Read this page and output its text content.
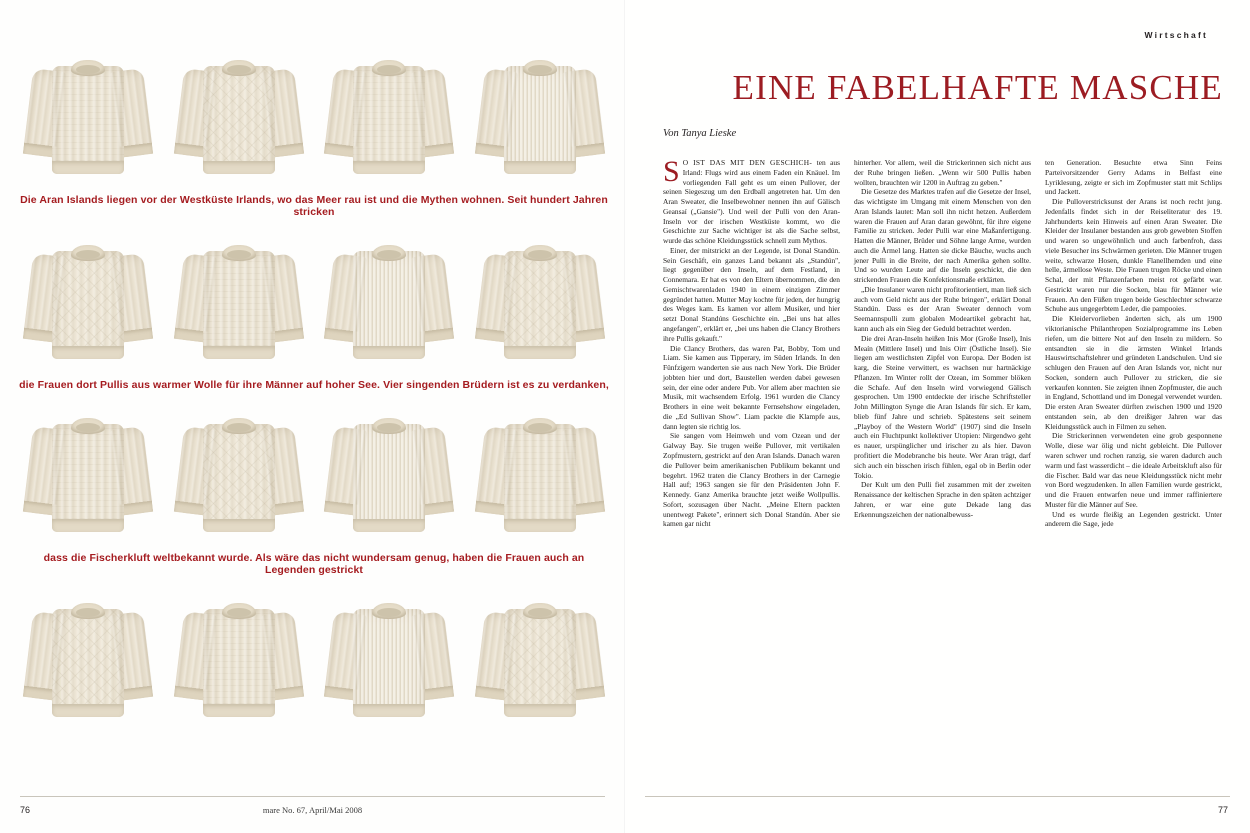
Die Aran Islands liegen vor der Westküste Irlands, wo das Meer rau ist und die Mythen wohnen. Seit hundert Jahren stricken
die Frauen dort Pullis aus warmer Wolle für ihre Männer auf hoher See. Vier singenden Brüdern ist es zu verdanken,
dass die Fischerkluft weltbekannt wurde. Als wäre das nicht wundersam genug, haben die Frauen auch an Legenden gestrickt
76	mare No. 67, April/Mai 2008
Wirtschaft
EINE FABELHAFTE MASCHE
Von Tanya Lieske

S O IST DAS MIT DEN GESCHICH- ten aus Irland: Flugs wird aus einem Faden ein Knäuel. Im vorliegenden Fall geht es um einen Pullover, der seinen Siegeszug um den Erdball angetreten hat. Um den Aran Sweater, die Inselbewohner nennen ihn auf Gälisch Geansaí („Gansie"). Und weil der Pulli von den Aran-Inseln vor der irischen Westküste kommt, wo die Geschichte zur Sache wichtiger ist als die Sache selbst, wurde das schöne Kleidungsstück schnell zum Mythos.

Einer, der mitstrickt an der Legende, ist Donal Standún. Sein Geschäft, ein ganzes Land bekannt als „Standún", liegt gegenüber den Inseln, auf dem Festland, in Connemara. Er hat es von den Eltern übernommen, die den Gemischtwarenladen 1940 in einem einzigen Zimmer gegründet hatten. Mutter May kochte für jeden, der hungrig des Weges kam. Es kamen vor allem Musiker, und hier setzt Donal Standúns Geschichte ein. „Bei uns hat alles angefangen", erklärt er, „bei uns haben die Clancy Brothers ihre Pullis gekauft."

Die Clancy Brothers, das waren Pat, Bobby, Tom und Liam. Sie kamen aus Tipperary, im Süden Irlands. In den Fünfzigern wanderten sie aus nach New York. Die Brüder jobbten hier und dort, Baustellen werden dabei gewesen sein, der eine oder andere Pub. Vor allem aber machten sie Musik, mit wachsendem Erfolg. 1961 wurden die Clancy Brothers in eine weit bekannte Fernsehshow eingeladen, die „Ed Sullivan Show". Liam packte die Klampfe aus, dann legten sie richtig los.

Sie sangen vom Heimweh und vom Ozean und der Galway Bay. Sie trugen weiße Pullover, mit vertikalen Zopfmustern, gestrickt auf den Aran Islands. Danach waren die Pullover beim amerikanischen Publikum bekannt und begehrt. 1962 traten die Clancy Brothers in der Carnegie Hall auf; 1963 sangen sie für den Präsidenten John F. Kennedy. Ganz Amerika brauchte jetzt weiße Wollpullis. Sofort, sozusagen über Nacht. „Meine Eltern packten unentwegt Pakete", erinnert sich Donal Standún. Aber sie kamen gar nicht

hinterher. Vor allem, weil die Strickerinnen sich nicht aus der Ruhe bringen ließen. „Wenn wir 500 Pullis haben wollten, brauchten wir 1200 in Auftrag zu geben."

Die Gesetze des Marktes trafen auf die Gesetze der Insel, das wichtigste im Umgang mit einem Menschen von den Aran Islands lautet: Man soll ihn nicht hetzen. Außerdem waren die Frauen auf Aran daran gewöhnt, für ihre eigene Familie zu stricken. Jeder Pulli war eine Maßanfertigung. Hatten die Männer, Brüder und Söhne lange Arme, wurden auch die Ärmel lang. Hatten sie dicke Bäuche, wuchs auch jener Pulli in die Breite, der nach Amerika gehen sollte. Und so wurden Leute auf die Inseln geschickt, die den strickenden Frauen die Konfektionsmaße erklärten.

„Die Insulaner waren nicht profitorientiert, man ließ sich auch vom Geld nicht aus der Ruhe bringen", erklärt Donal Standún. Dass es der Aran Sweater dennoch vom Seemannspulli zum globalen Modeartikel gebracht hat, kann auch als ein Sieg der Geduld betrachtet werden.

Die drei Aran-Inseln heißen Inis Mor (Große Insel), Inis Meaín (Mittlere Insel) und Inis Oirr (Östliche Insel). Sie liegen am westlichsten Zipfel von Europa. Der Boden ist karg, die Steine verwittert, es wachsen nur hartnäckige Pflanzen. Im Winter rollt der Ozean, im Sommer blöken die Schafe. Auf den Inseln wird vorwiegend Gälisch gesprochen. Um 1900 entdeckte der irische Schriftsteller John Millington Synge die Aran Islands für sich. Er kam, blieb fünf Jahre und schrieb. Spätestens seit seinem „Playboy of the Western World" (1907) sind die Inseln auch ein Fluchtpunkt kollektiver Utopien: Nirgendwo geht es nauer, urspünglicher und irischer zu als hier. Davon profitiert die Modebranche bis heute. Wer Aran trägt, darf sich auch ein bisschen irisch fühlen, egal ob in Berlin oder Tokio.

Der Kult um den Pulli fiel zusammen mit der zweiten Renaissance der keltischen Sprache in den späten achtziger Jahren, er war eine gute Dekade lang das Erkennungszeichen der nationalbewuss-

ten Generation. Besuchte etwa Sinn Feins Parteivorsitzender Gerry Adams in Belfast eine Lyriklesung, zeigte er sich im Zopfmuster statt mit Schlips und Jackett.

Die Pulloverstricksunst der Arans ist noch recht jung. Jedenfalls findet sich in der Reiseliteratur des 19. Jahrhunderts kein Hinweis auf einen Aran Sweater. Die Kleider der Insulaner bestanden aus grob gewebten Stoffen und waren so ungewöhnlich und auch farbenfroh, dass viele Besucher ins Schwärmen gerieten. Die Männer trugen weite, schwarze Hosen, dunkle Flanellhemden und eine helle, ärmellose Weste. Die Frauen trugen Röcke und einen Schal, der mit Pflanzenfarben meist rot gefärbt war. Gestrickt waren nur die Socken, blau für Männer wie Frauen. An den Füßen trugen beide Geschlechter schwarze Schuhe aus ungegerbtem Leder, die pampooies.

Die Kleidervorlieben änderten sich, als um 1900 viktorianische Philanthropen Sozialprogramme ins Leben riefen, um die bittere Not auf den Inseln zu mildern. So entsandten sie in die ärmsten Winkel Irlands Hauswirtschaftslehrer und gründeten Landschulen. Und sie schlugen den Frauen auf den Aran Islands vor, nicht nur Socken, sondern auch Pullover zu stricken, die sie verkaufen konnten. Sie zeigten ihnen Zopfmuster, die auch in England, Schottland und im Donegal verwendet wurden. Die ersten Aran Sweater dürften zwischen 1900 und 1920 entstanden sein, ab den dreißiger Jahren war das Kleidungsstück auch in Filmen zu sehen.

Die Strickerinnen verwendeten eine grob gesponnene Wolle, diese war ölig und nicht gebleicht. Die Pullover waren schwer und rochen ranzig, sie waren dadurch auch warm und fast wasserdicht – die ideale Arbeitskluft also für die Fischer. Bald war das neue Kleidungsstück nicht mehr von Bord wegzudenken. In allen Familien wurde gestrickt, und die Frauen entwarfen neue und immer raffiniertere Muster für die Männer auf See.

Und es wurde fleißig an Legenden gestrickt. Unter anderem die Sage, jede

77
